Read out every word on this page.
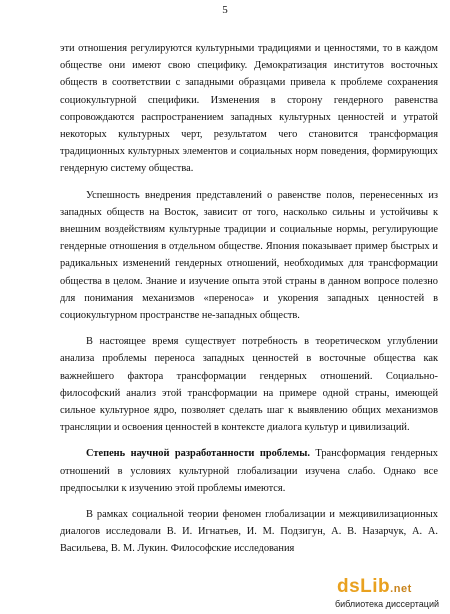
5

эти отношения регулируются культурными традициями и ценностями, то в каждом обществе они имеют свою специфику. Демократизация институтов восточных обществ в соответствии с западными образцами привела к проблеме сохранения социокультурной специфики. Изменения в сторону гендерного равенства сопровождаются распространением западных культурных ценностей и утратой некоторых культурных черт, результатом чего становится трансформация традиционных культурных элементов и социальных норм поведения, формирующих гендерную систему общества.

Успешность внедрения представлений о равенстве полов, перенесенных из западных обществ на Восток, зависит от того, насколько сильны и устойчивы к внешним воздействиям культурные традиции и социальные нормы, регулирующие гендерные отношения в отдельном обществе. Япония показывает пример быстрых и радикальных изменений гендерных отношений, необходимых для трансформации общества в целом. Знание и изучение опыта этой страны в данном вопросе полезно для понимания механизмов «переноса» и укорения западных ценностей в социокультурном пространстве не-западных обществ.

В настоящее время существует потребность в теоретическом углублении анализа проблемы переноса западных ценностей в восточные общества как важнейшего фактора трансформации гендерных отношений. Социально-философский анализ этой трансформации на примере одной страны, имеющей сильное культурное ядро, позволяет сделать шаг к выявлению общих механизмов трансляции и освоения ценностей в контексте диалога культур и цивилизаций.

Степень научной разработанности проблемы. Трансформация гендерных отношений в условиях культурной глобализации изучена слабо. Однако все предпосылки к изучению этой проблемы имеются.

В рамках социальной теории феномен глобализации и межцивилизационных диалогов исследовали В. И. Игнатьев, И. М. Подзигун, А. В. Назарчук, А. А. Васильева, В. М. Лукин. Философские исследования

dsLib.net
библиотека диссертаций
